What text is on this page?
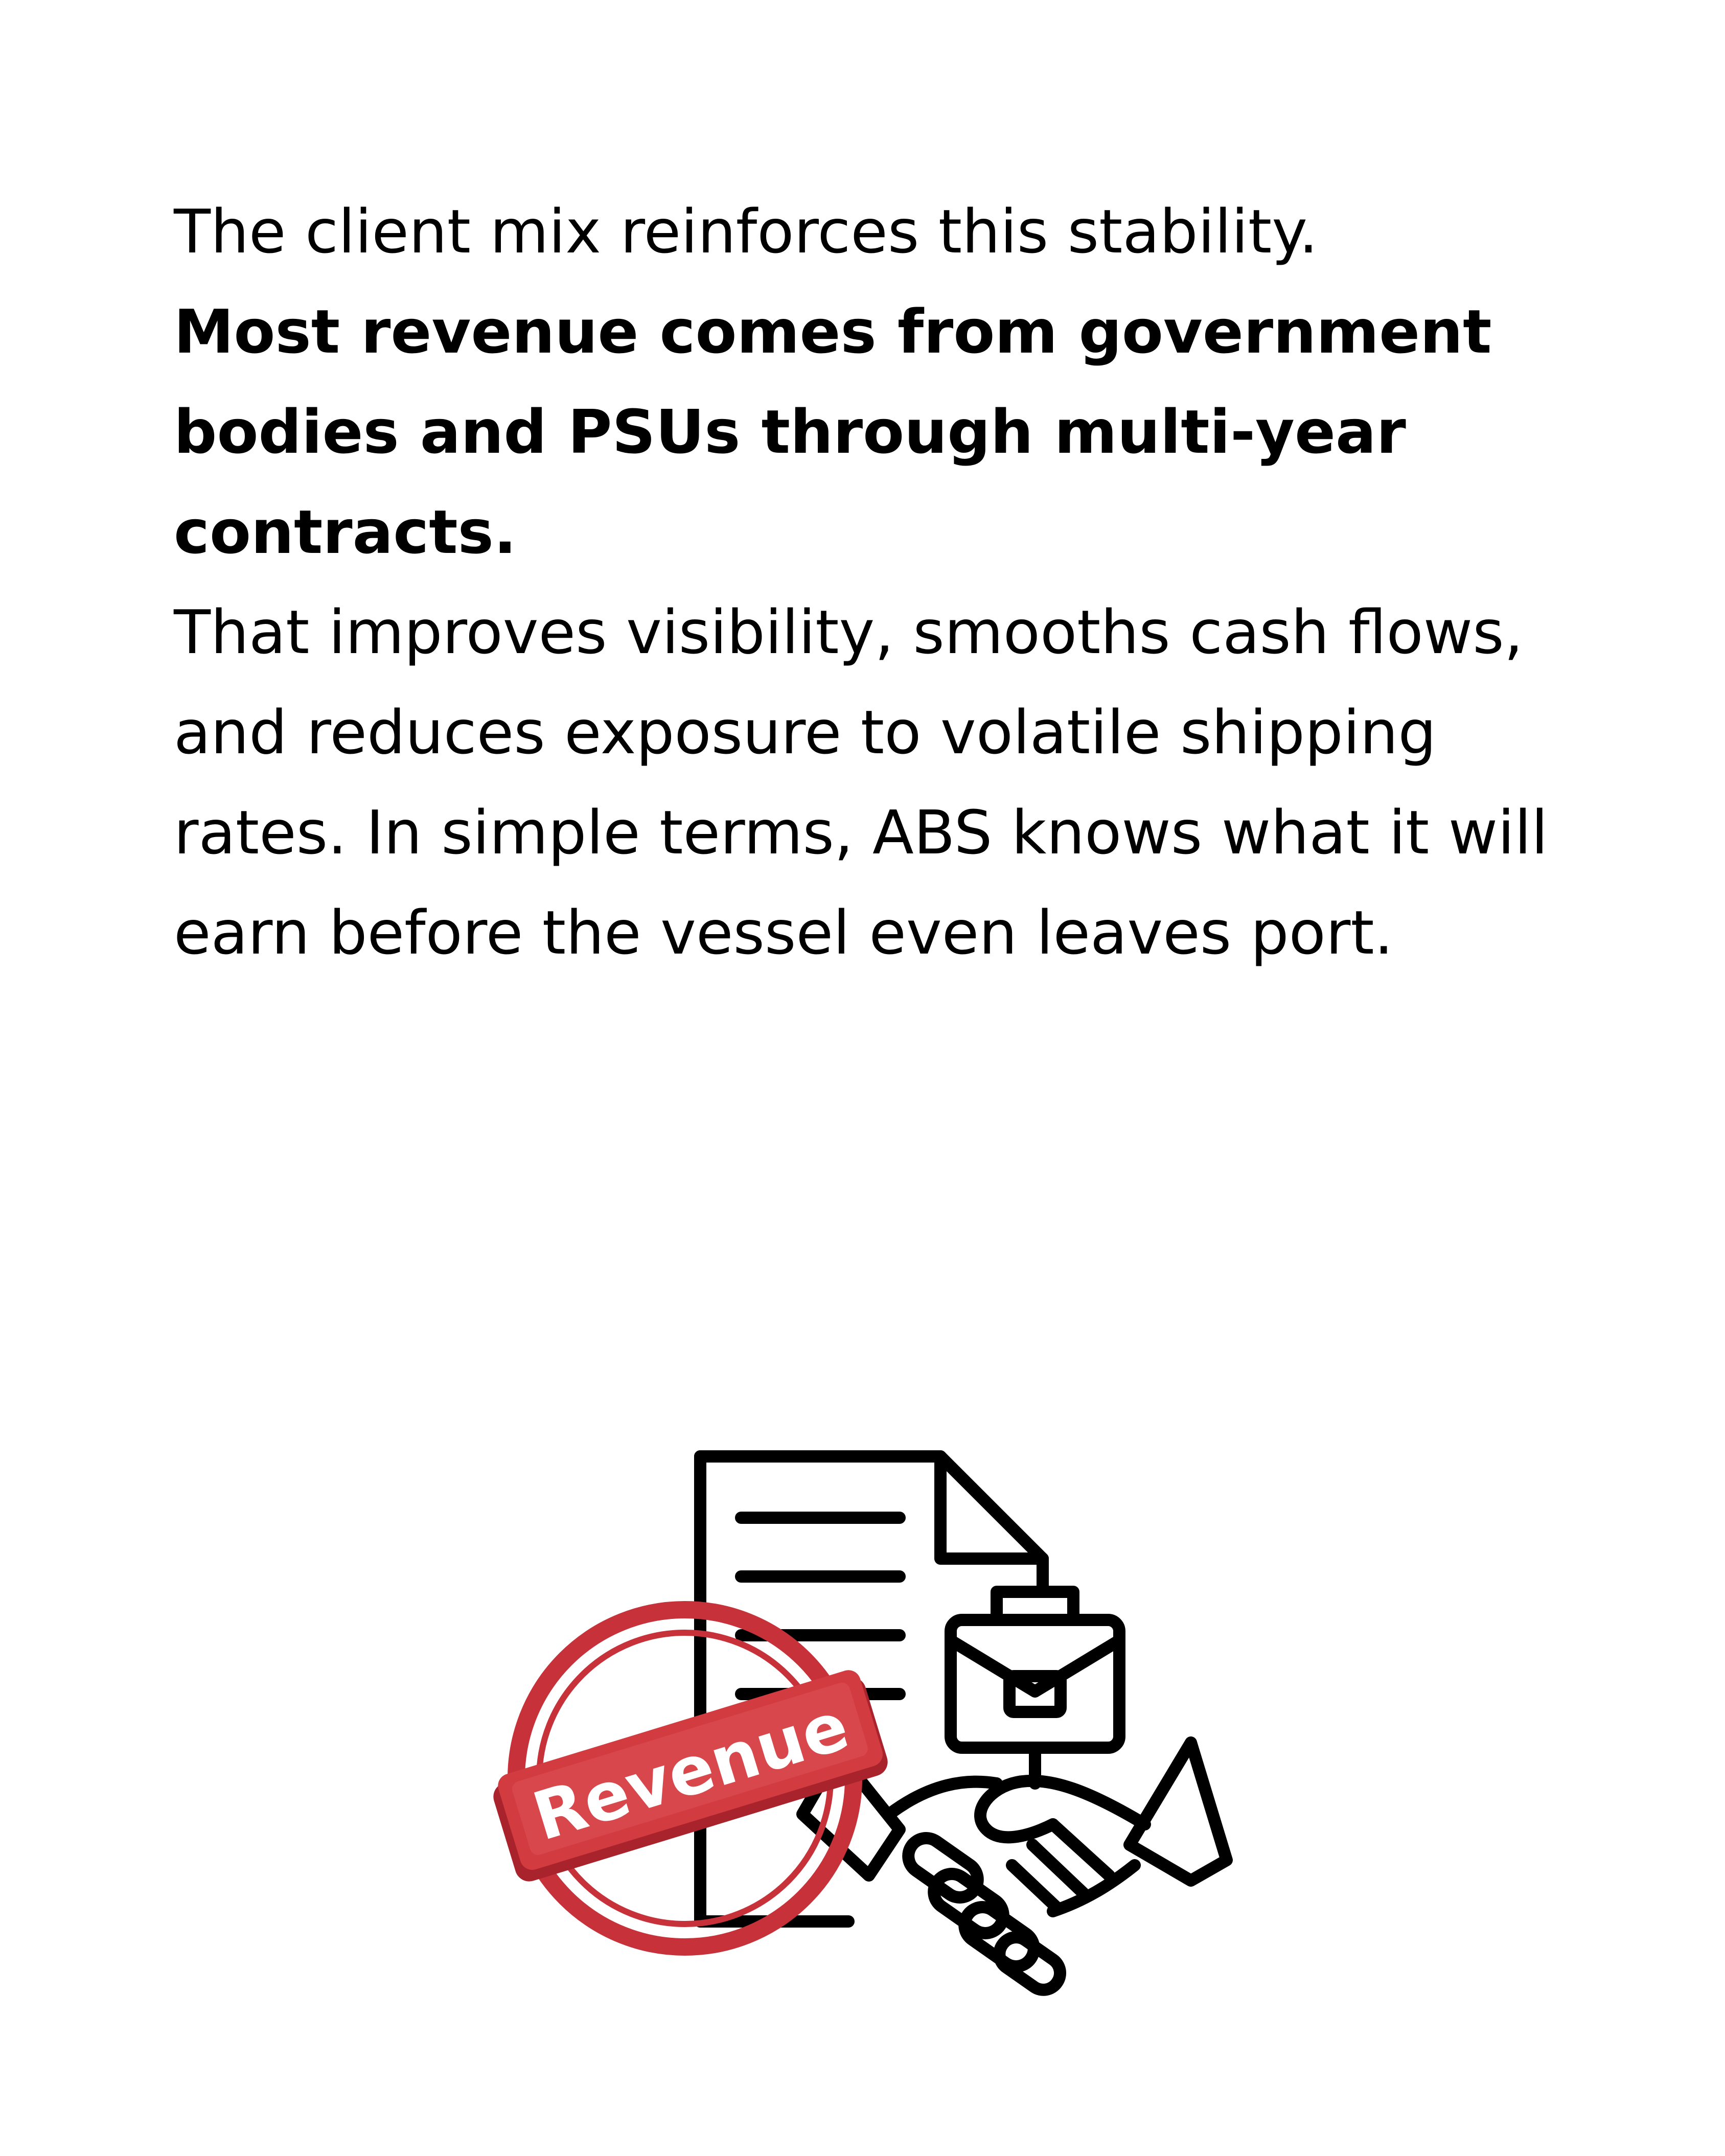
The client mix reinforces this stability.

Most revenue comes from government bodies and PSUs through multi-year contracts.

That improves visibility, smooths cash flows, and reduces exposure to volatile shipping rates. In simple terms, ABS knows what it will earn before the vessel even leaves port.

Revenue
